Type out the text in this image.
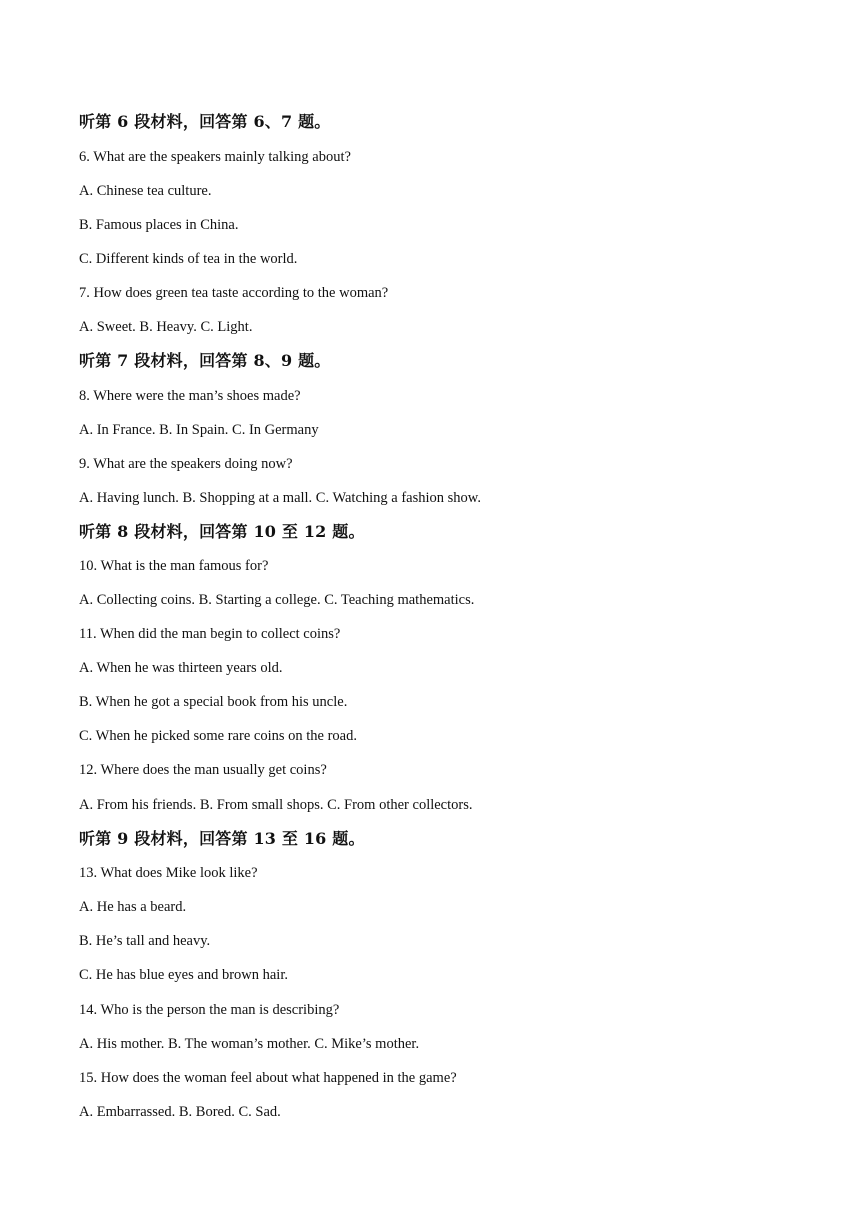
听第 6 段材料，回答第 6、7 题。
6. What are the speakers mainly talking about?
A. Chinese tea culture.
B. Famous places in China.
C. Different kinds of tea in the world.
7. How does green tea taste according to the woman?
A. Sweet. B. Heavy. C. Light.
听第 7 段材料，回答第 8、9 题。
8. Where were the man’s shoes made?
A. In France. B. In Spain. C. In Germany
9. What are the speakers doing now?
A. Having lunch. B. Shopping at a mall. C. Watching a fashion show.
听第 8 段材料，回答第 10 至 12 题。
10. What is the man famous for?
A. Collecting coins. B. Starting a college. C. Teaching mathematics.
11. When did the man begin to collect coins?
A. When he was thirteen years old.
B. When he got a special book from his uncle.
C. When he picked some rare coins on the road.
12. Where does the man usually get coins?
A. From his friends. B. From small shops. C. From other collectors.
听第 9 段材料，回答第 13 至 16 题。
13. What does Mike look like?
A. He has a beard.
B. He’s tall and heavy.
C. He has blue eyes and brown hair.
14. Who is the person the man is describing?
A. His mother. B. The woman’s mother. C. Mike’s mother.
15. How does the woman feel about what happened in the game?
A. Embarrassed. B. Bored. C. Sad.
